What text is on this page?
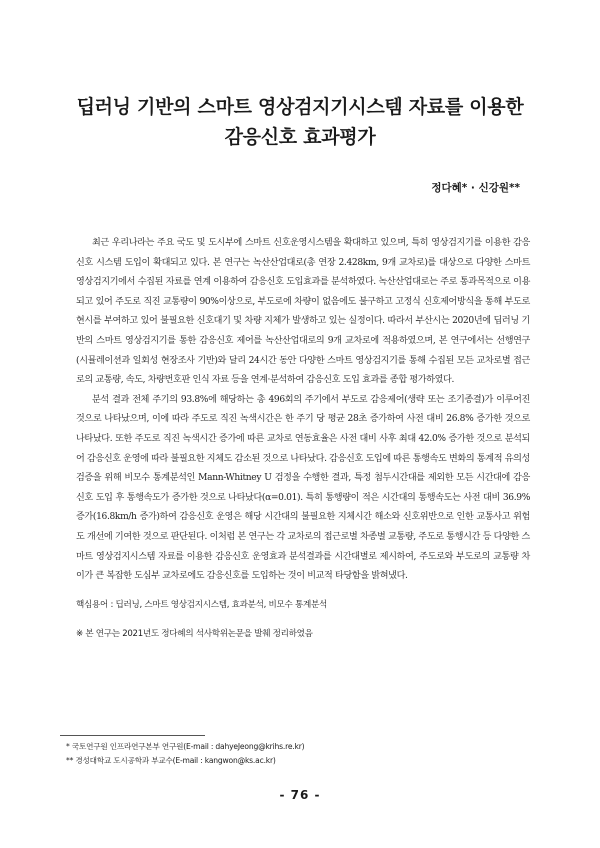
딥러닝 기반의 스마트 영상검지기시스템 자료를 이용한
감응신호 효과평가
정다혜* · 신강원**

최근 우리나라는 주요 국도 및 도시부에 스마트 신호운영시스템을 확대하고 있으며, 특히 영상검지기를 이용한 감응신호 시스템 도입이 확대되고 있다. 본 연구는 녹산산업대로(총 연장 2.428km, 9개 교차로)를 대상으로 다양한 스마트 영상검지기에서 수집된 자료를 연계 이용하여 감응신호 도입효과를 분석하였다. 녹산산업대로는 주로 통과목적으로 이용되고 있어 주도로 직진 교통량이 90%이상으로, 부도로에 차량이 없음에도 불구하고 고정식 신호제어방식을 통해 부도로 현시를 부여하고 있어 불필요한 신호대기 및 차량 지체가 발생하고 있는 실정이다. 따라서 부산시는 2020년에 딥러닝 기반의 스마트 영상검지기를 통한 감응신호 제어를 녹산산업대로의 9개 교차로에 적용하였으며, 본 연구에서는 선행연구(시뮬레이션과 일회성 현장조사 기반)와 달리 24시간 동안 다양한 스마트 영상검지기를 통해 수집된 모든 교차로별 접근로의 교통량, 속도, 차량번호판 인식 자료 등을 연계·분석하여 감응신호 도입 효과를 종합 평가하였다.

분석 결과 전체 주기의 93.8%에 해당하는 총 496회의 주기에서 부도로 감응제어(생략 또는 조기종결)가 이루어진 것으로 나타났으며, 이에 따라 주도로 직진 녹색시간은 한 주기 당 평균 28초 증가하여 사전 대비 26.8% 증가한 것으로 나타났다. 또한 주도로 직진 녹색시간 증가에 따른 교차로 연동효율은 사전 대비 사후 최대 42.0% 증가한 것으로 분석되어 감응신호 운영에 따라 불필요한 지체도 감소된 것으로 나타났다. 감응신호 도입에 따른 통행속도 변화의 통계적 유의성 검증을 위해 비모수 통계분석인 Mann-Whitney U 검정을 수행한 결과, 특정 첨두시간대를 제외한 모든 시간대에 감응신호 도입 후 통행속도가 증가한 것으로 나타났다(α=0.01). 특히 통행량이 적은 시간대의 통행속도는 사전 대비 36.9% 증가(16.8km/h 증가)하여 감응신호 운영은 해당 시간대의 불필요한 지체시간 해소와 신호위반으로 인한 교통사고 위험도 개선에 기여한 것으로 판단된다. 이처럼 본 연구는 각 교차로의 접근로별 차종별 교통량, 주도로 통행시간 등 다양한 스마트 영상검지시스템 자료를 이용한 감응신호 운영효과 분석결과를 시간대별로 제시하여, 주도로와 부도로의 교통량 차이가 큰 복잡한 도심부 교차로에도 감응신호를 도입하는 것이 비교적 타당함을 밝혀냈다.

핵심용어 : 딥러닝, 스마트 영상검지시스템, 효과분석, 비모수 통계분석
※ 본 연구는 2021년도 정다혜의 석사학위논문을 발췌 정리하였음
* 국토연구원 인프라연구본부 연구원(E-mail : dahyeJeong@krihs.re.kr)
** 경성대학교 도시공학과 부교수(E-mail : kangwon@ks.ac.kr)
- 76 -
